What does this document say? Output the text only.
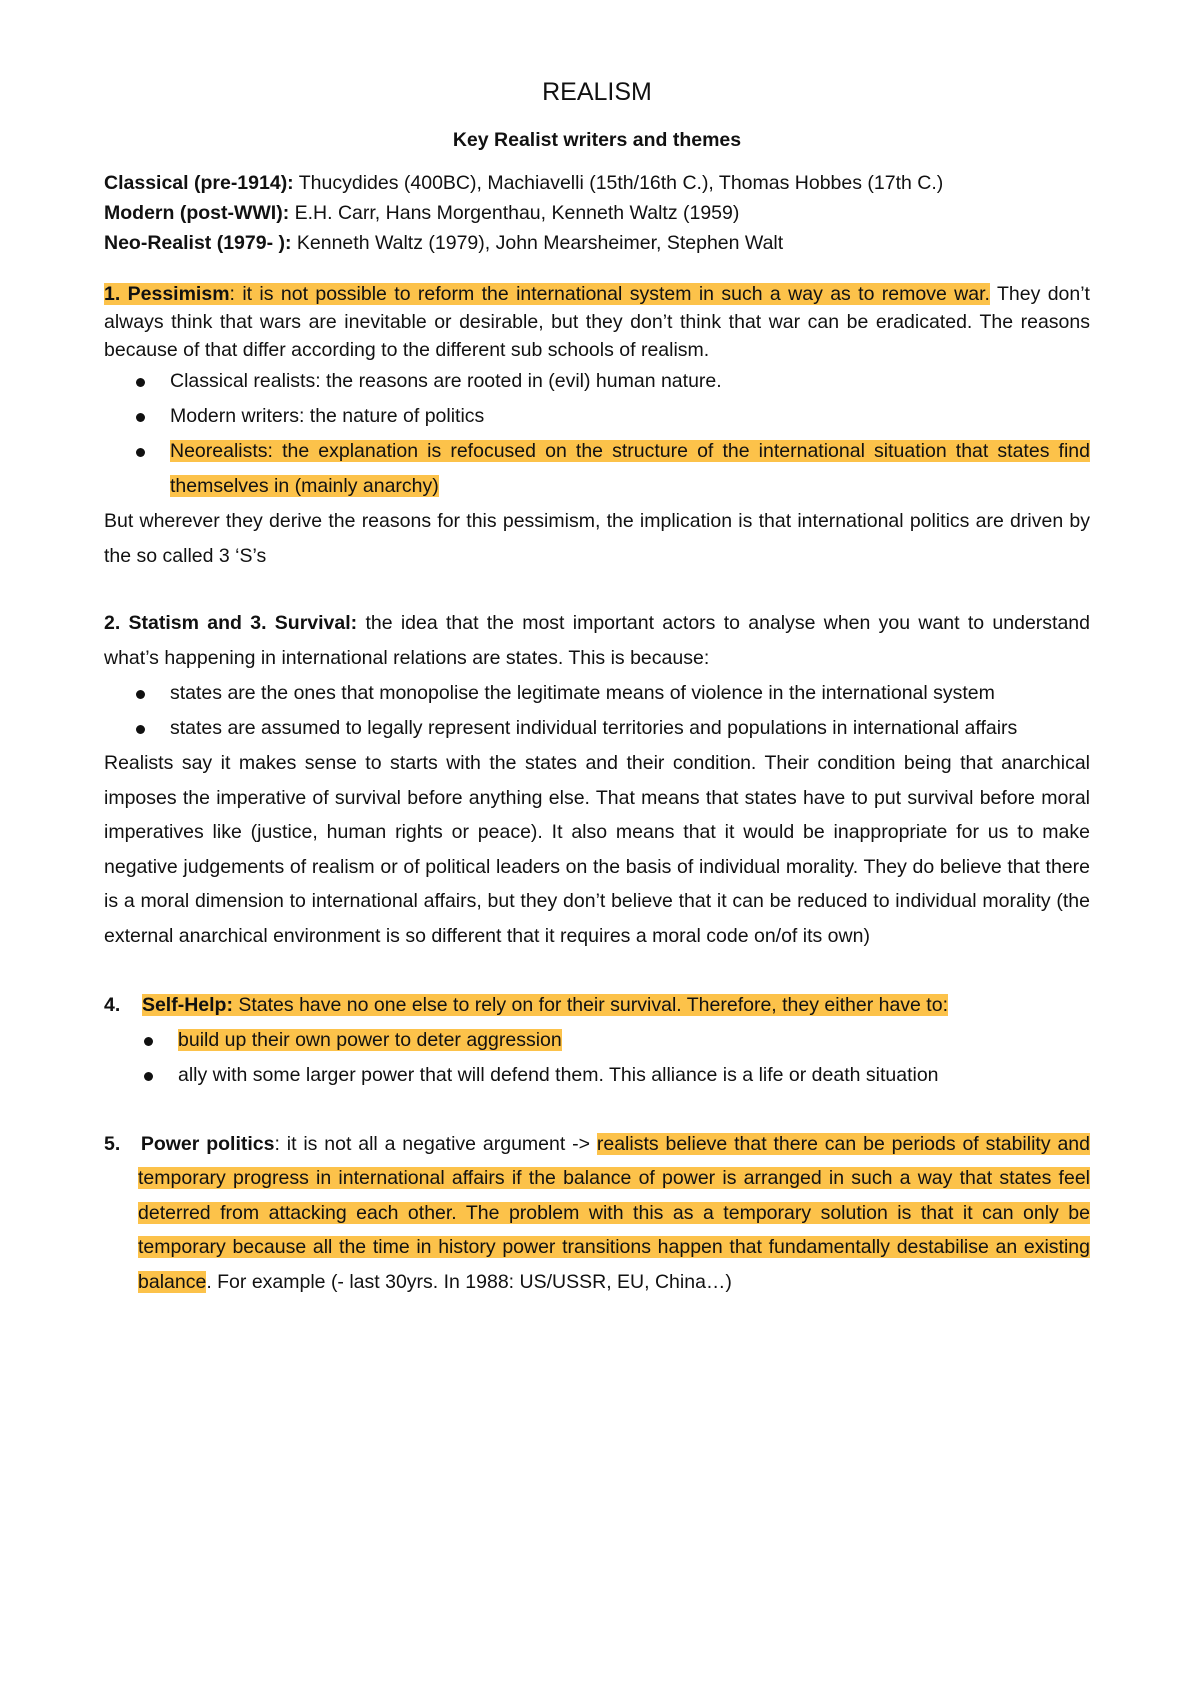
REALISM
Key Realist writers and themes

Classical (pre-1914): Thucydides (400BC), Machiavelli (15th/16th C.), Thomas Hobbes (17th C.)

Modern (post-WWI): E.H. Carr, Hans Morgenthau, Kenneth Waltz (1959)

Neo-Realist (1979- ): Kenneth Waltz (1979), John Mearsheimer, Stephen Walt

1. Pessimism: it is not possible to reform the international system in such a way as to remove war. They don’t always think that wars are inevitable or desirable, but they don’t think that war can be eradicated. The reasons because of that differ according to the different sub schools of realism.

Classical realists: the reasons are rooted in (evil) human nature.
Modern writers: the nature of politics
Neorealists: the explanation is refocused on the structure of the international situation that states find themselves in (mainly anarchy)

But wherever they derive the reasons for this pessimism, the implication is that international politics are driven by the so called 3 ‘S’s

2. Statism and 3. Survival: the idea that the most important actors to analyse when you want to understand what’s happening in international relations are states. This is because:

states are the ones that monopolise the legitimate means of violence in the international system
states are assumed to legally represent individual territories and populations in international affairs

Realists say it makes sense to starts with the states and their condition. Their condition being that anarchical imposes the imperative of survival before anything else. That means that states have to put survival before moral imperatives like (justice, human rights or peace). It also means that it would be inappropriate for us to make negative judgements of realism or of political leaders on the basis of individual morality. They do believe that there is a moral dimension to international affairs, but they don’t believe that it can be reduced to individual morality (the external anarchical environment is so different that it requires a moral code on/of its own)

4. Self-Help: States have no one else to rely on for their survival. Therefore, they either have to:

build up their own power to deter aggression
ally with some larger power that will defend them. This alliance is a life or death situation

5. Power politics: it is not all a negative argument -> realists believe that there can be periods of stability and temporary progress in international affairs if the balance of power is arranged in such a way that states feel deterred from attacking each other. The problem with this as a temporary solution is that it can only be temporary because all the time in history power transitions happen that fundamentally destabilise an existing balance. For example (- last 30yrs. In 1988: US/USSR, EU, China…)
